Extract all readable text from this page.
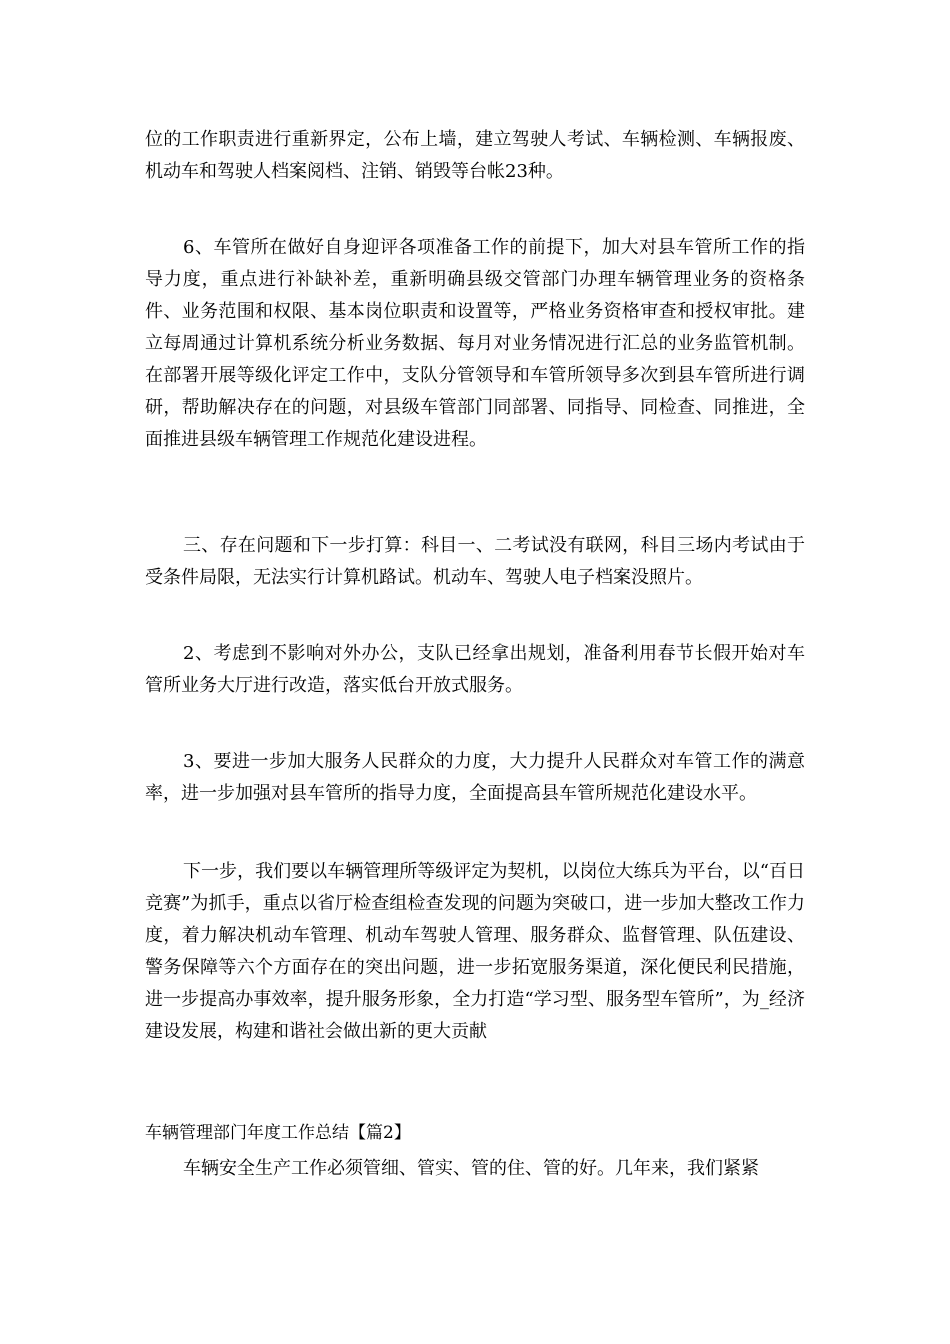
位的工作职责进行重新界定，公布上墙，建立驾驶人考试、车辆检测、车辆报废、机动车和驾驶人档案阅档、注销、销毁等台帐23种。

6、车管所在做好自身迎评各项准备工作的前提下，加大对县车管所工作的指导力度，重点进行补缺补差，重新明确县级交管部门办理车辆管理业务的资格条件、业务范围和权限、基本岗位职责和设置等，严格业务资格审查和授权审批。建立每周通过计算机系统分析业务数据、每月对业务情况进行汇总的业务监管机制。在部署开展等级化评定工作中，支队分管领导和车管所领导多次到县车管所进行调研，帮助解决存在的问题，对县级车管部门同部署、同指导、同检查、同推进，全面推进县级车辆管理工作规范化建设进程。

三、存在问题和下一步打算：科目一、二考试没有联网，科目三场内考试由于受条件局限，无法实行计算机路试。机动车、驾驶人电子档案没照片。

2、考虑到不影响对外办公，支队已经拿出规划，准备利用春节长假开始对车管所业务大厅进行改造，落实低台开放式服务。

3、要进一步加大服务人民群众的力度，大力提升人民群众对车管工作的满意率，进一步加强对县车管所的指导力度，全面提高县车管所规范化建设水平。

下一步，我们要以车辆管理所等级评定为契机，以岗位大练兵为平台，以“百日竞赛”为抓手，重点以省厅检查组检查发现的问题为突破口，进一步加大整改工作力度，着力解决机动车管理、机动车驾驶人管理、服务群众、监督管理、队伍建设、警务保障等六个方面存在的突出问题，进一步拓宽服务渠道，深化便民利民措施，进一步提高办事效率，提升服务形象，全力打造“学习型、服务型车管所”，为_经济建设发展，构建和谐社会做出新的更大贡献

车辆管理部门年度工作总结【篇2】

车辆安全生产工作必须管细、管实、管的住、管的好。几年来，我们紧紧
